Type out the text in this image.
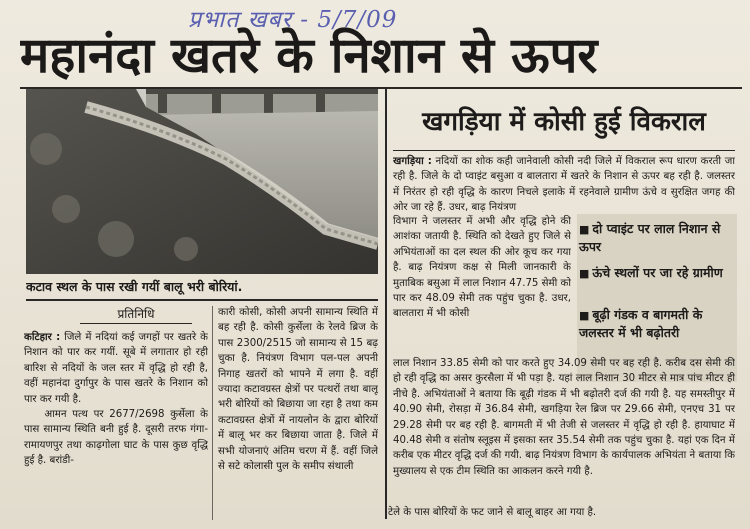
प्रभात खबर - 5/7/09
महानंदा खतरे के निशान से ऊपर
कटाव स्थल के पास रखी गयीं बालू भरी बोरियां.
प्रतिनिधि
कटिहार : जिले में नदियां कई जगहों पर खतरे के निशान को पार कर गयीं. सूबे में लगातार हो रही बारिश से नदियों के जल स्तर में वृद्धि हो रही है, वहीं महानंदा दुर्गापुर के पास खतरे के निशान को पार कर गयी है.
आमन पत्थ पर 2677/2698 कुर्सेला के पास सामान्य स्थिति बनी हुई है. दूसरी तरफ गंगा-रामायणपुर तथा काढ़गोला घाट के पास कुछ वृद्धि हुई है. बरांडी-
कारी कोसी, कोसी अपनी सामान्य स्थिति में बह रही है. कोसी कुर्सेला के रेलवे ब्रिज के पास 2300/2515 जो सामान्य से 15 बढ़ चुका है. नियंत्रण विभाग पल-पल अपनी निगाह खतरों को भापने में लगा है. वहीं ज्यादा कटावग्रस्त क्षेत्रों पर पत्थरों तथा बालू भरी बोरियों को बिछाया जा रहा है तथा कम कटावग्रस्त क्षेत्रों में नायलोन के द्वारा बोरियों में बालू भर कर बिछाया जाता है. जिले में सभी योजनाएं अंतिम चरण में हैं. वहीं जिले से सटे कोलासी पुल के समीप संथाली
खगड़िया में कोसी हुई विकराल
खगड़िया : नदियों का शोक कही जानेवाली कोसी नदी जिले में विकराल रूप धारण करती जा रही है. जिले के दो प्वाइंट बसुआ व बालतारा में खतरे के निशान से ऊपर बह रही है. जलस्तर में निरंतर हो रही वृद्धि के कारण निचले इलाके में रहनेवाले ग्रामीण ऊंचे व सुरक्षित जगह की ओर जा रहे हैं. उधर, बाढ़ नियंत्रण
विभाग ने जलस्तर में अभी और वृद्धि होने की आशंका जतायी है. स्थिति को देखते हुए जिले से अभियंताओं का दल स्थल की ओर कूच कर गया है. बाढ़ नियंत्रण कक्ष से मिली जानकारी के मुताबिक बसुआ में लाल निशान 47.75 सेमी को पार कर 48.09 सेमी तक पहुंच चुका है. उधर, बालतारा में भी कोसी
■ दो प्वाइंट पर लाल निशान से ऊपर
■ ऊंचे स्थलों पर जा रहे ग्रामीण
■ बूढ़ी गंडक व बागमती के जलस्तर में भी बढ़ोतरी
लाल निशान 33.85 सेमी को पार करते हुए 34.09 सेमी पर बह रही है. करीब दस सेमी की हो रही वृद्धि का असर कुरसैला में भी पड़ा है. यहां लाल निशान 30 मीटर से मात्र पांच मीटर ही नीचे है. अभियंताओं ने बताया कि बूढ़ी गंडक में भी बढ़ोतरी दर्ज की गयी है. यह समस्तीपुर में 40.90 सेमी, रोसड़ा में 36.84 सेमी, खगड़िया रेल ब्रिज पर 29.66 सेमी, एनएच 31 पर 29.28 सेमी पर बह रही है. बागमती में भी तेजी से जलस्तर में वृद्धि हो रही है. हायाघाट में 40.48 सेमी व संतोष स्लूइस में इसका स्तर 35.54 सेमी तक पहुंच चुका है. यहां एक दिन में करीब एक मीटर वृद्धि दर्ज की गयी. बाढ़ नियंत्रण विभाग के कार्यपालक अभियंता ने बताया कि मुख्यालय से एक टीम स्थिति का आकलन करने गयी है.
टेले के पास बोरियों के फट जाने से बालू बाहर आ गया है.
